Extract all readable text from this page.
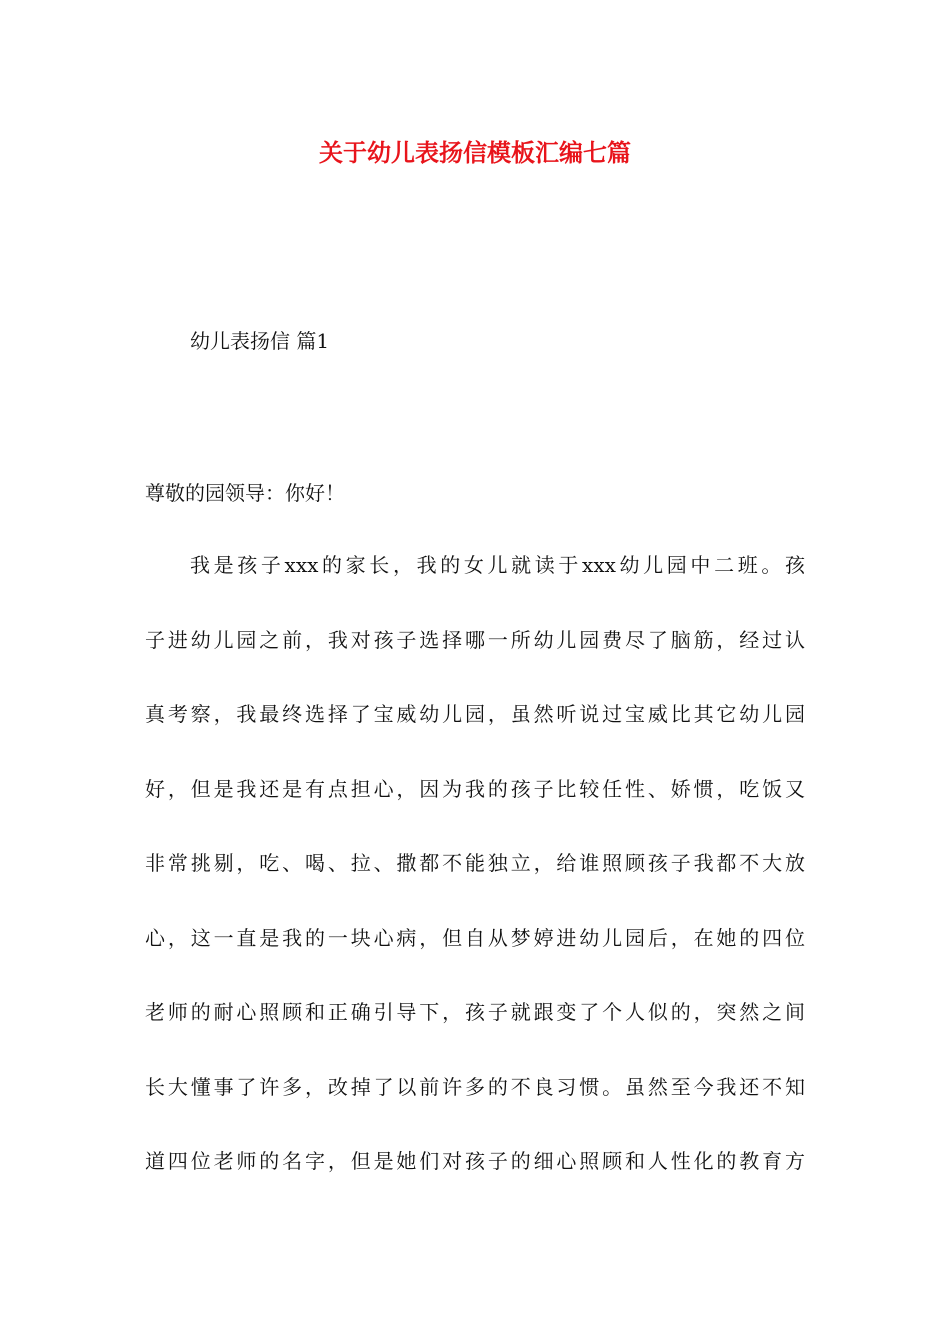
关于幼儿表扬信模板汇编七篇
幼儿表扬信 篇1

尊敬的园领导：你好！

我是孩子xxx的家长，我的女儿就读于xxx幼儿园中二班。孩
子进幼儿园之前，我对孩子选择哪一所幼儿园费尽了脑筋，经过认
真考察，我最终选择了宝威幼儿园，虽然听说过宝威比其它幼儿园
好，但是我还是有点担心，因为我的孩子比较任性、娇惯，吃饭又
非常挑剔，吃、喝、拉、撒都不能独立，给谁照顾孩子我都不大放
心，这一直是我的一块心病，但自从梦婷进幼儿园后，在她的四位
老师的耐心照顾和正确引导下，孩子就跟变了个人似的，突然之间
长大懂事了许多，改掉了以前许多的不良习惯。虽然至今我还不知
道四位老师的名字，但是她们对孩子的细心照顾和人性化的教育方
